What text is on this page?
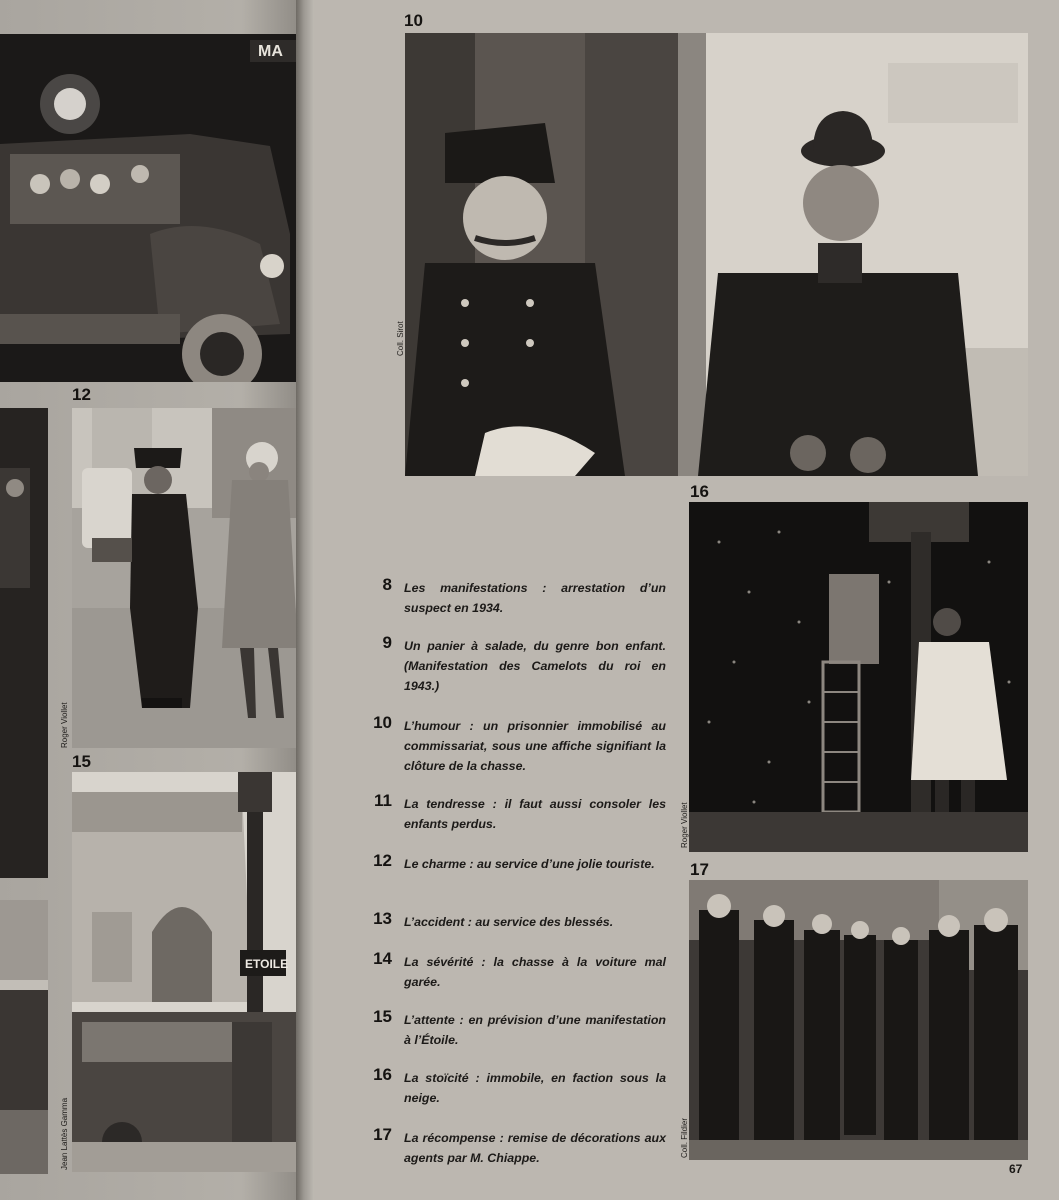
MA
12
Roger Viollet
15
ETOILE
Jean Lattès Gamma
10
Coll. Sirot
16
Roger Viollet
17
Coll. Fildier
8 Les manifestations : arrestation d’un suspect en 1934.
9 Un panier à salade, du genre bon enfant. (Manifestation des Camelots du roi en 1943.)
10 L’humour : un prisonnier immobilisé au commissariat, sous une affiche signifiant la clôture de la chasse.
11 La tendresse : il faut aussi consoler les enfants perdus.
12 Le charme : au service d’une jolie touriste.
13 L’accident : au service des blessés.
14 La sévérité : la chasse à la voiture mal garée.
15 L’attente : en prévision d’une manifestation à l’Étoile.
16 La stoïcité : immobile, en faction sous la neige.
17 La récompense : remise de décorations aux agents par M. Chiappe.
67
